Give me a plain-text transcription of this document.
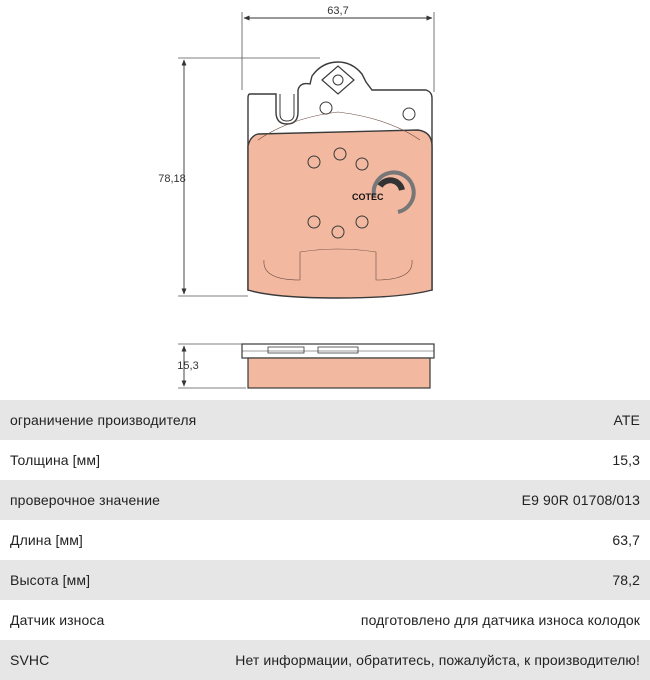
63,7
78,18
COTEC
15,3
ограничение производителя	ATE
Толщина [мм]	15,3
проверочное значение	E9 90R 01708/013
Длина [мм]	63,7
Высота [мм]	78,2
Датчик износа	подготовлено для датчика износа колодок
SVHC	Нет информации, обратитесь, пожалуйста, к производителю!
